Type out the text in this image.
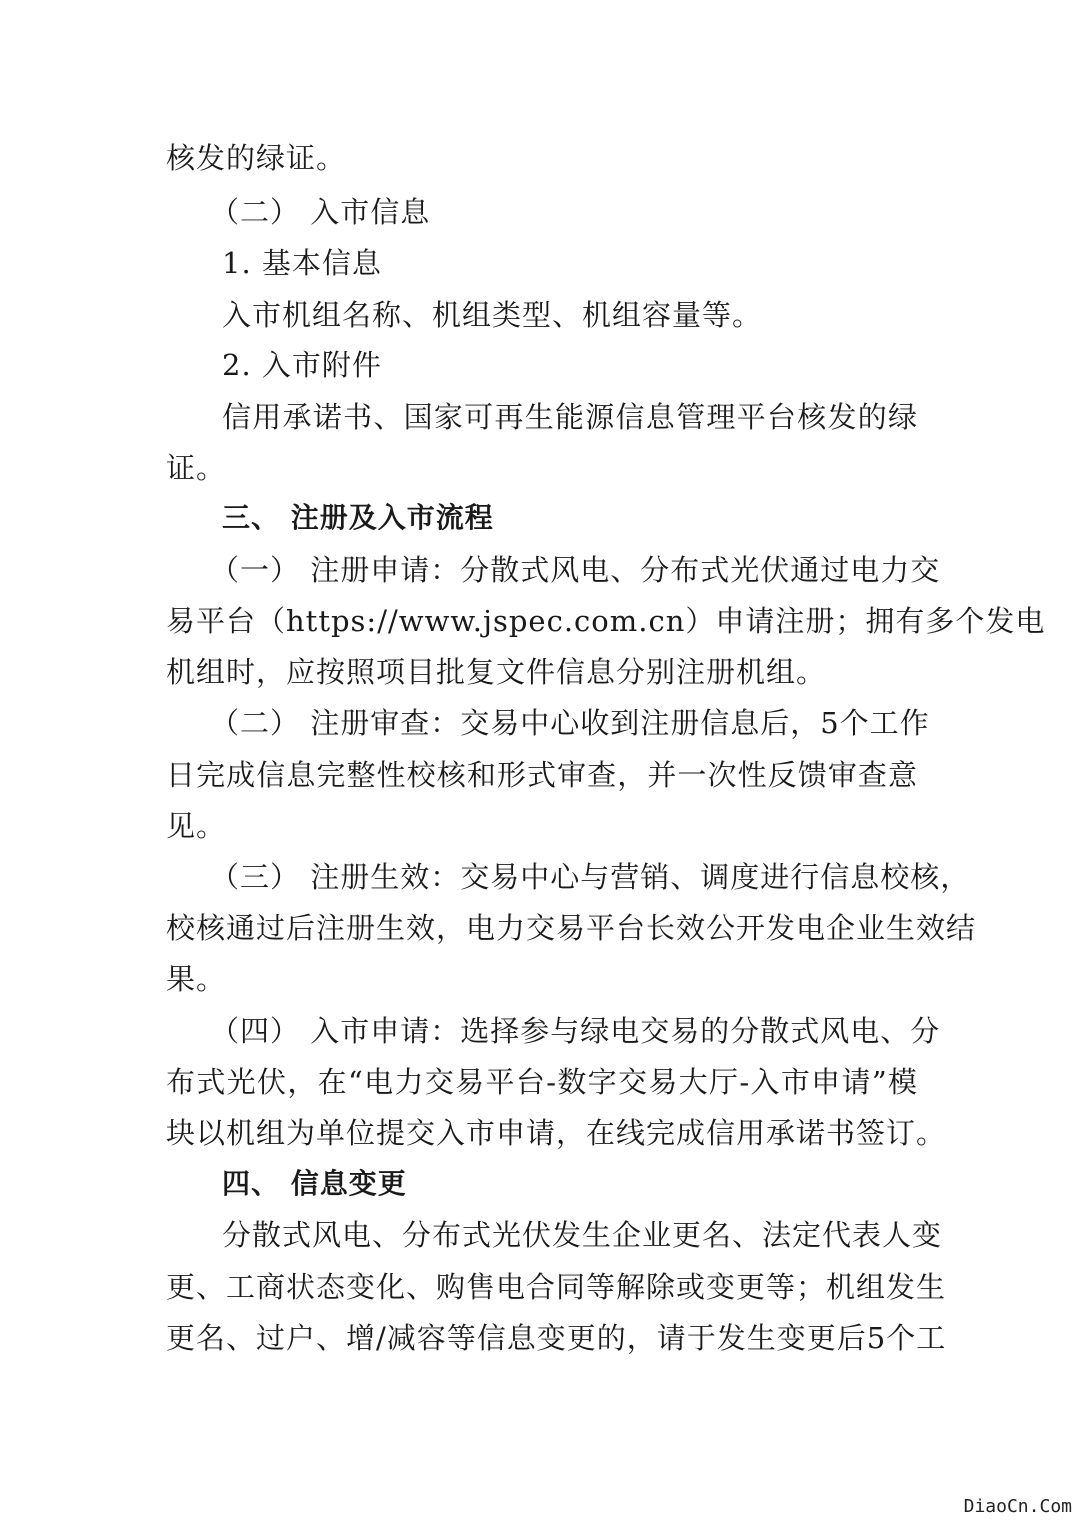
核发的绿证。
（二） 入市信息
1. 基本信息
入市机组名称、机组类型、机组容量等。
2. 入市附件
信用承诺书、国家可再生能源信息管理平台核发的绿
证。
三、 注册及入市流程
（一） 注册申请：分散式风电、分布式光伏通过电力交
易平台（https://www.jspec.com.cn）申请注册；拥有多个发电
机组时，应按照项目批复文件信息分别注册机组。
（二） 注册审查：交易中心收到注册信息后，5个工作
日完成信息完整性校核和形式审查，并一次性反馈审查意
见。
（三） 注册生效：交易中心与营销、调度进行信息校核，
校核通过后注册生效，电力交易平台长效公开发电企业生效结
果。
（四） 入市申请：选择参与绿电交易的分散式风电、分
布式光伏，在“电力交易平台-数字交易大厅-入市申请”模
块以机组为单位提交入市申请，在线完成信用承诺书签订。
四、 信息变更
分散式风电、分布式光伏发生企业更名、法定代表人变
更、工商状态变化、购售电合同等解除或变更等；机组发生
更名、过户、增/减容等信息变更的，请于发生变更后5个工
DiaoCn.Com
